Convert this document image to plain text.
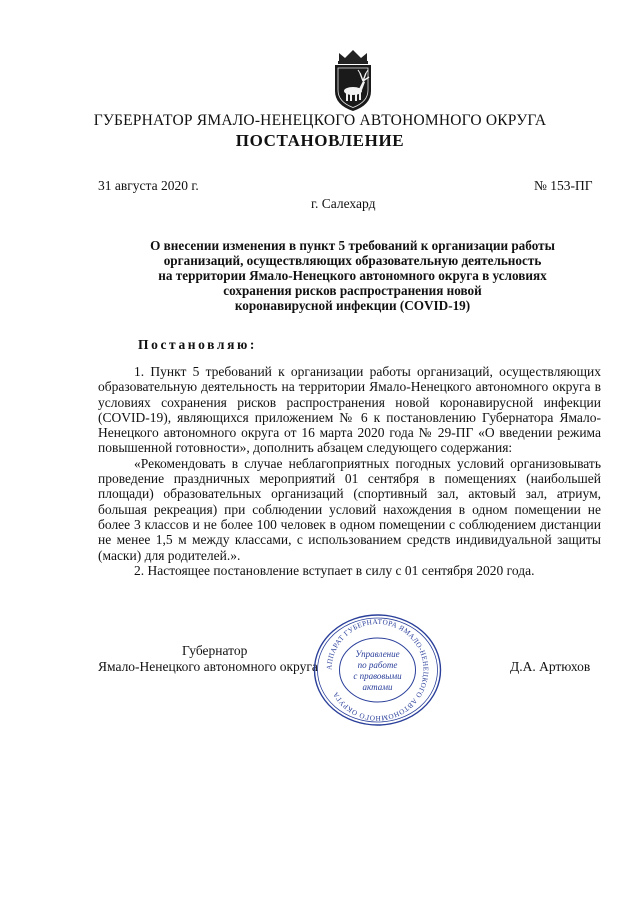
ГУБЕРНАТОР ЯМАЛО-НЕНЕЦКОГО АВТОНОМНОГО ОКРУГА
ПОСТАНОВЛЕНИЕ
31 августа 2020 г.	№ 153-ПГ
г. Салехард
О внесении изменения в пункт 5 требований к организации работы
организаций, осуществляющих образовательную деятельность
на территории Ямало-Ненецкого автономного округа в условиях
сохранения рисков распространения новой
коронавирусной инфекции (COVID-19)
Постановляю:

1. Пункт 5 требований к организации работы организаций, осуществляющих образовательную деятельность на территории Ямало-Ненецкого автономного округа в условиях сохранения рисков распространения новой коронавирусной инфекции (COVID-19), являющихся приложением № 6 к постановлению Губернатора Ямало-Ненецкого автономного округа от 16 марта 2020 года № 29-ПГ «О введении режима повышенной готовности», дополнить абзацем следующего содержания:

«Рекомендовать в случае неблагоприятных погодных условий организовывать проведение праздничных мероприятий 01 сентября в помещениях (наибольшей площади) образовательных организаций (спортивный зал, актовый зал, атриум, большая рекреация) при соблюдении условий нахождения в одном помещении не более 3 классов и не более 100 человек в одном помещении с соблюдением дистанции не менее 1,5 м между классами, с использованием средств индивидуальной защиты (маски) для родителей.».

2. Настоящее постановление вступает в силу с 01 сентября 2020 года.

Губернатор
Ямало-Ненецкого автономного округа	Д.А. Артюхов
АППАРАТ ГУБЕРНАТОРА ЯМАЛО-НЕНЕЦКОГО АВТОНОМНОГО ОКРУГА
Управление
по работе
с правовыми
актами
